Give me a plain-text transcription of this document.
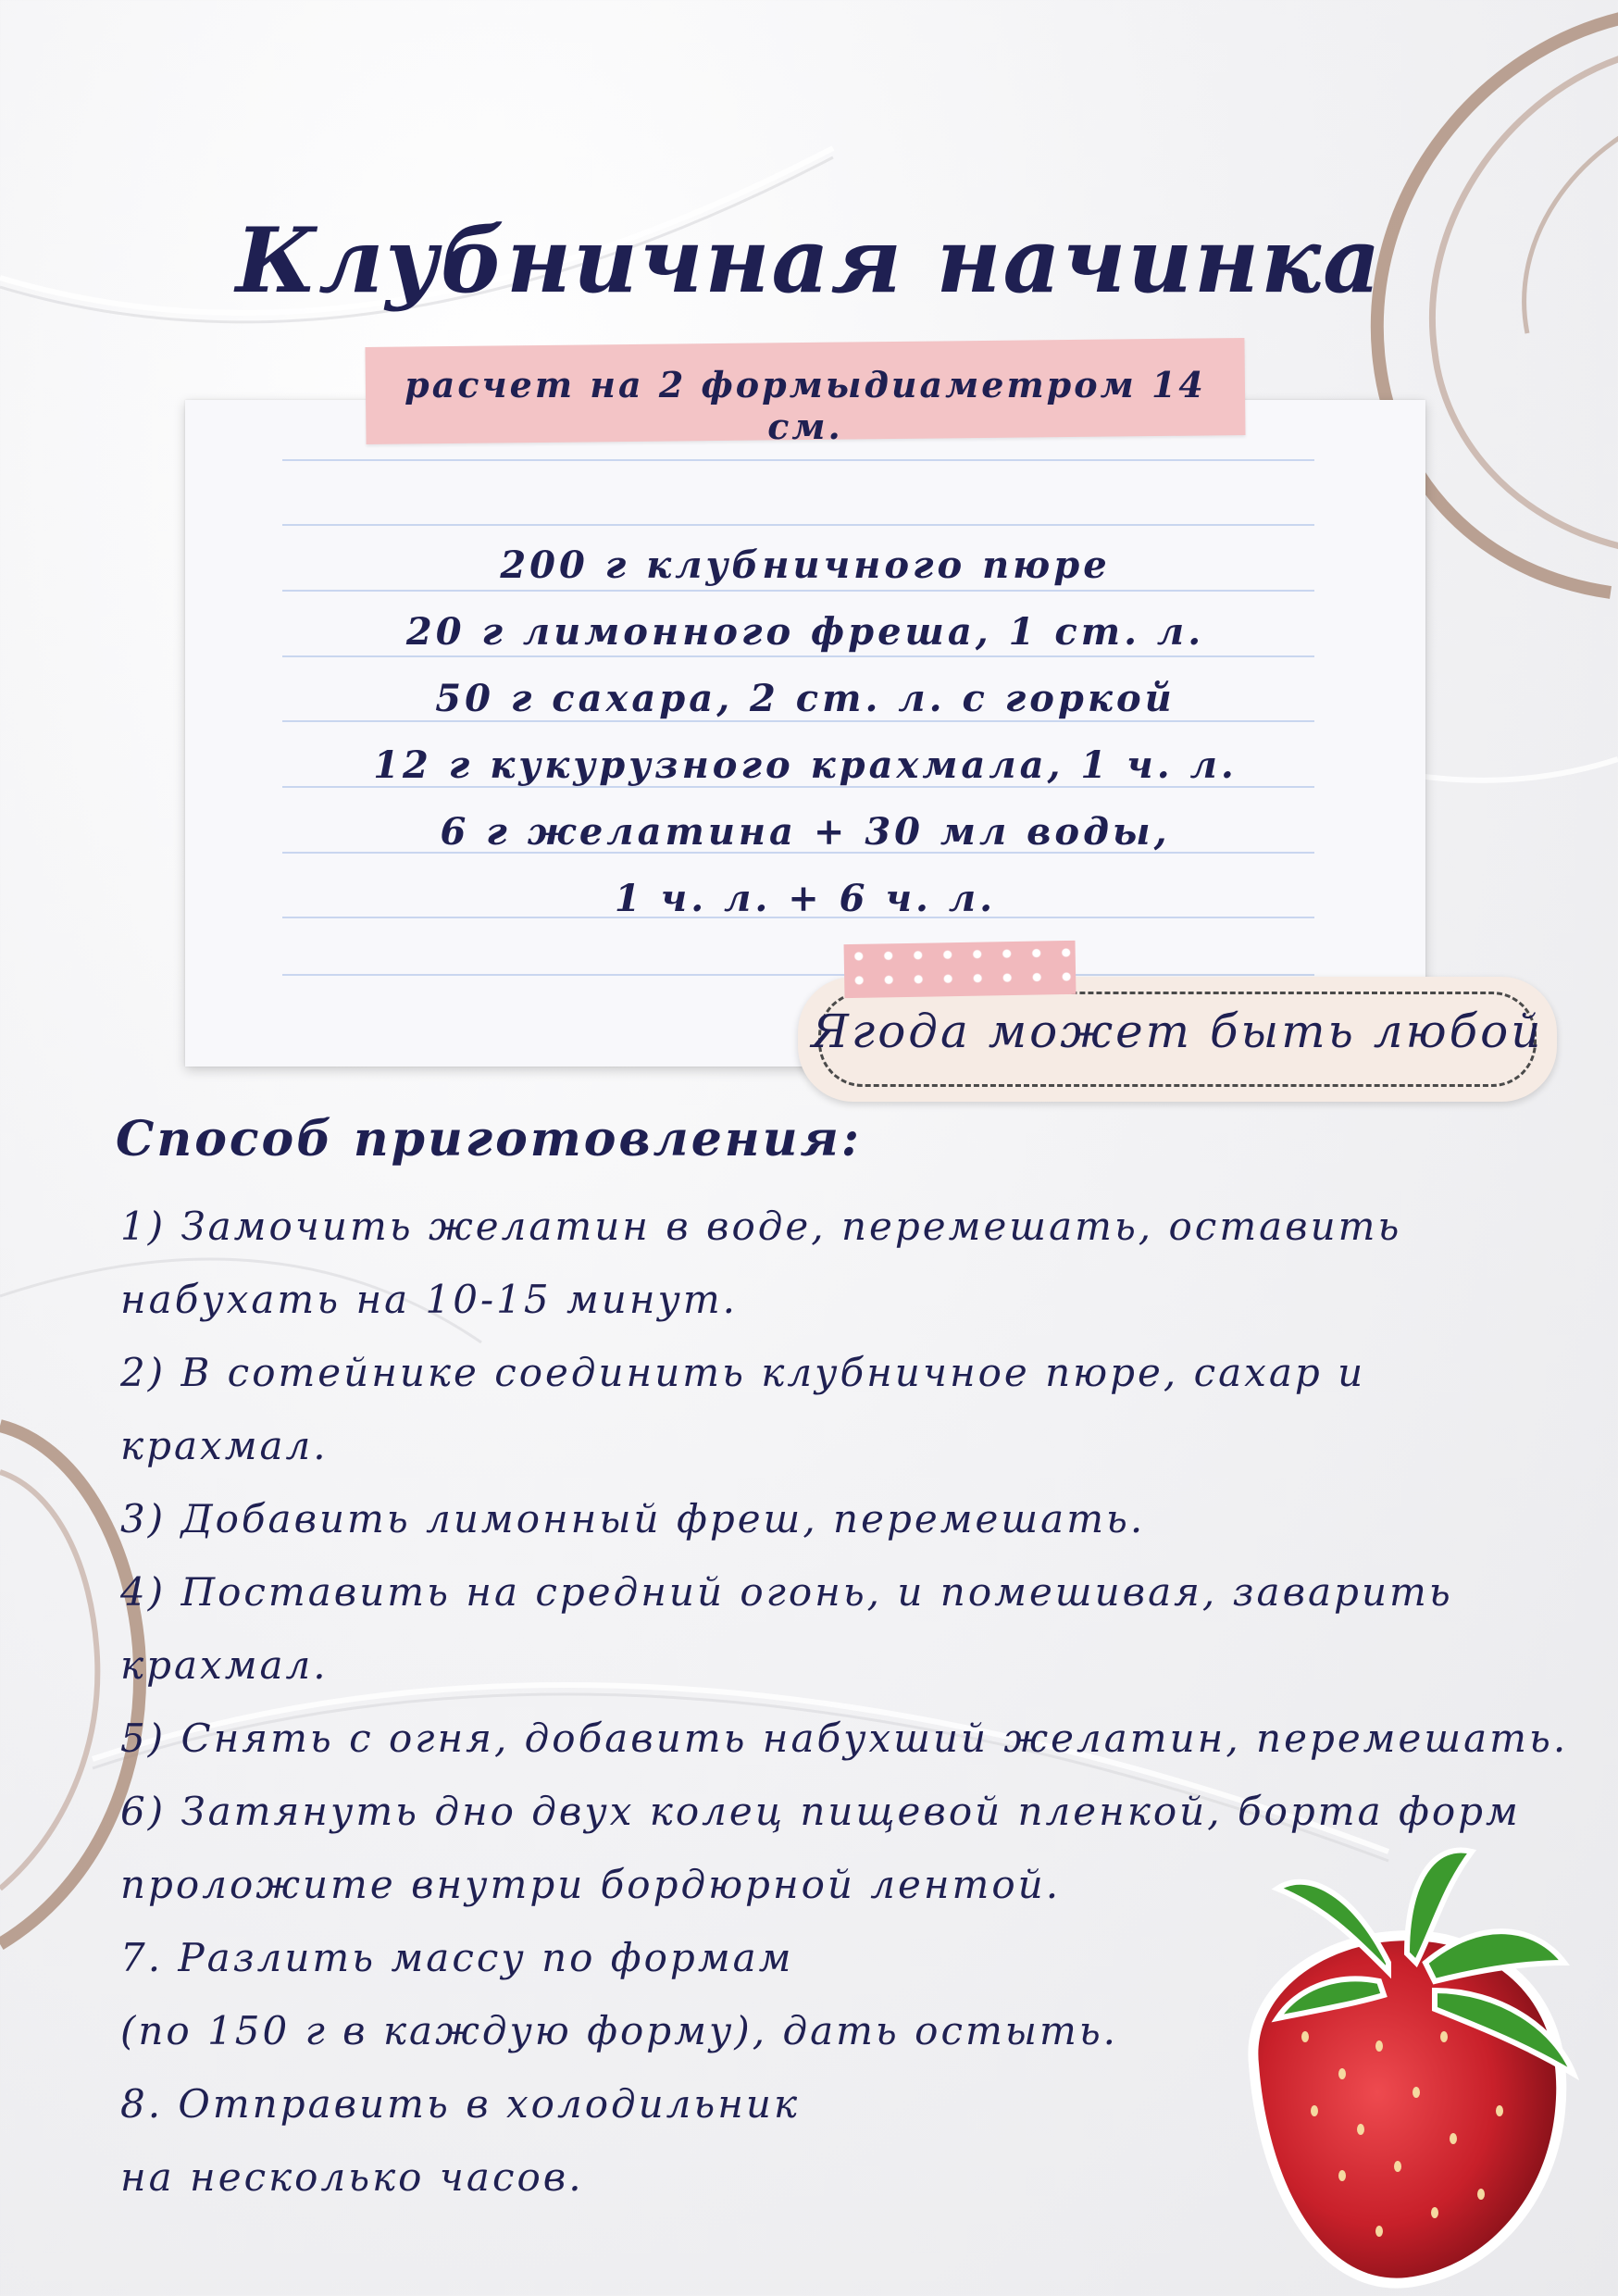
Клубничная начинка
расчет на 2 формыдиаметром 14 см.
200 г клубничного пюре
20 г лимонного фреша, 1 ст. л.
50 г сахара, 2 ст. л. с горкой
12 г кукурузного крахмала, 1 ч. л.
6 г желатина + 30 мл воды,
1 ч. л. + 6 ч. л.
Ягода может быть любой
Способ приготовления:
1) Замочить желатин в воде, перемешать, оставить
набухать на 10-15 минут.
2) В сотейнике соединить клубничное пюре, сахар и
крахмал.
3) Добавить лимонный фреш, перемешать.
4) Поставить на средний огонь, и помешивая, заварить
крахмал.
5) Снять с огня, добавить набухший желатин, перемешать.
6) Затянуть дно двух колец пищевой пленкой, борта форм
проложите внутри бордюрной лентой.
7. Разлить массу по формам
(по 150 г в каждую форму), дать остыть.
8. Отправить в холодильник
на несколько часов.
